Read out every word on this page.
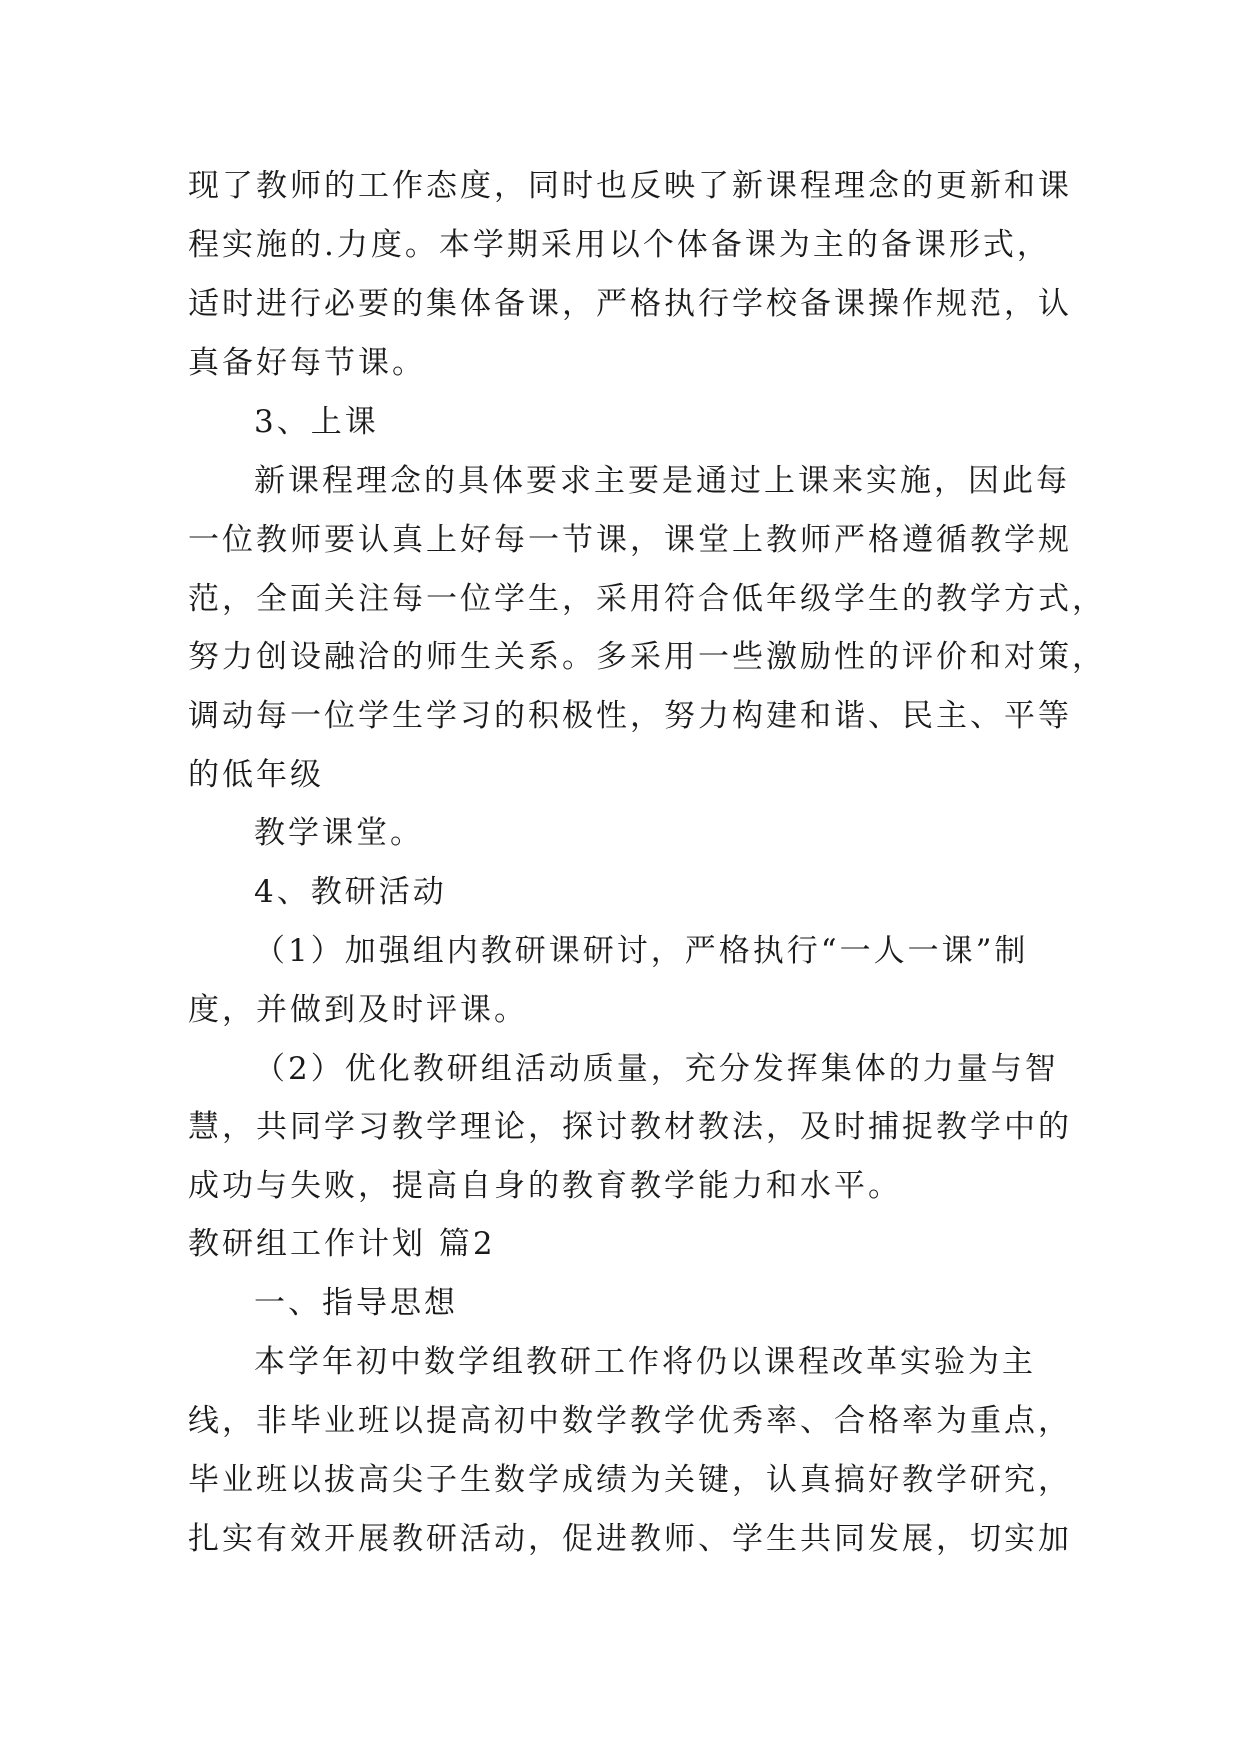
现了教师的工作态度，同时也反映了新课程理念的更新和课

程实施的.力度。本学期采用以个体备课为主的备课形式，

适时进行必要的集体备课，严格执行学校备课操作规范，认

真备好每节课。

3、上课

新课程理念的具体要求主要是通过上课来实施，因此每

一位教师要认真上好每一节课，课堂上教师严格遵循教学规

范，全面关注每一位学生，采用符合低年级学生的教学方式，

努力创设融洽的师生关系。多采用一些激励性的评价和对策，

调动每一位学生学习的积极性，努力构建和谐、民主、平等

的低年级

教学课堂。

4、教研活动

（1）加强组内教研课研讨，严格执行“一人一课”制

度，并做到及时评课。

（2）优化教研组活动质量，充分发挥集体的力量与智

慧，共同学习教学理论，探讨教材教法，及时捕捉教学中的

成功与失败，提高自身的教育教学能力和水平。

教研组工作计划 篇2

一、指导思想

本学年初中数学组教研工作将仍以课程改革实验为主

线，非毕业班以提高初中数学教学优秀率、合格率为重点，

毕业班以拔高尖子生数学成绩为关键，认真搞好教学研究，

扎实有效开展教研活动，促进教师、学生共同发展，切实加
